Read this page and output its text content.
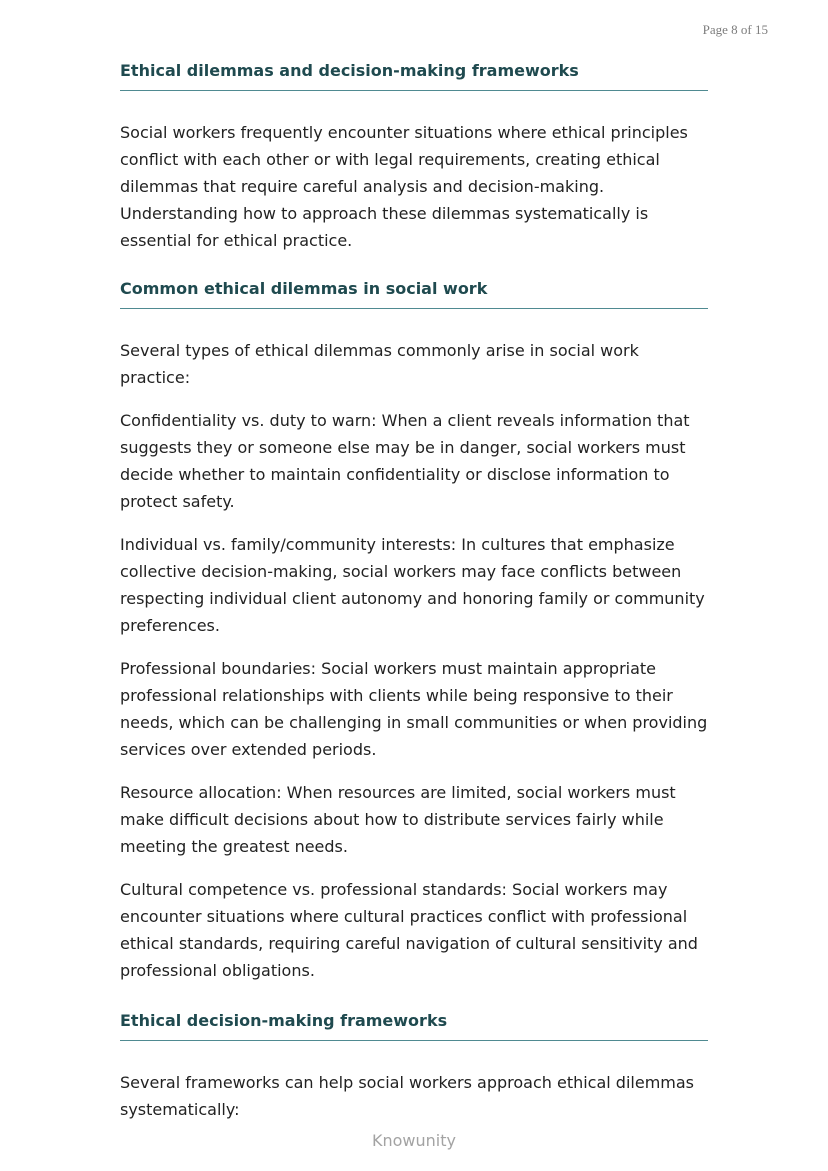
Page 8 of 15
Ethical dilemmas and decision-making frameworks

Social workers frequently encounter situations where ethical principles conflict with each other or with legal requirements, creating ethical dilemmas that require careful analysis and decision-making. Understanding how to approach these dilemmas systematically is essential for ethical practice.

Common ethical dilemmas in social work

Several types of ethical dilemmas commonly arise in social work practice:

Confidentiality vs. duty to warn: When a client reveals information that suggests they or someone else may be in danger, social workers must decide whether to maintain confidentiality or disclose information to protect safety.

Individual vs. family/community interests: In cultures that emphasize collective decision-making, social workers may face conflicts between respecting individual client autonomy and honoring family or community preferences.

Professional boundaries: Social workers must maintain appropriate professional relationships with clients while being responsive to their needs, which can be challenging in small communities or when providing services over extended periods.

Resource allocation: When resources are limited, social workers must make difficult decisions about how to distribute services fairly while meeting the greatest needs.

Cultural competence vs. professional standards: Social workers may encounter situations where cultural practices conflict with professional ethical standards, requiring careful navigation of cultural sensitivity and professional obligations.

Ethical decision-making frameworks

Several frameworks can help social workers approach ethical dilemmas systematically:

Knowunity
